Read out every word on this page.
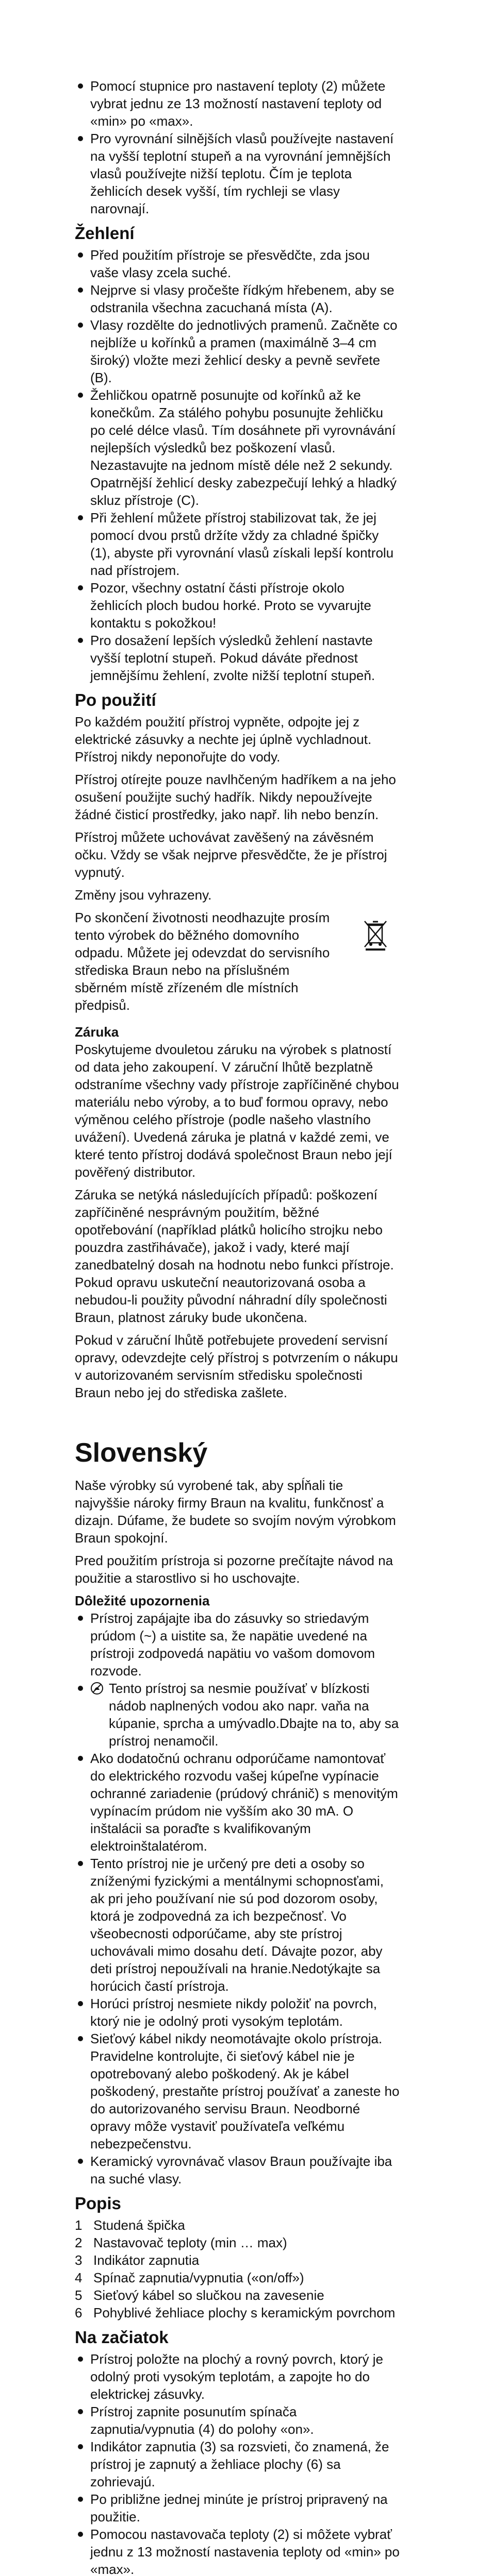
Pomocí stupnice pro nastavení teploty (2) můžete vybrat jednu ze 13 možností nastavení teploty od «min» po «max».
Pro vyrovnání silnějších vlasů používejte nastavení na vyšší teplotní stupeň a na vyrovnání jemnějších vlasů používejte nižší teplotu. Čím je teplota žehlicích desek vyšší, tím rychleji se vlasy narovnají.
Žehlení
Před použitím přístroje se přesvědčte, zda jsou vaše vlasy zcela suché.
Nejprve si vlasy pročešte řídkým hřebenem, aby se odstranila všechna zacuchaná místa (A).
Vlasy rozdělte do jednotlivých pramenů. Začněte co nejblíže u kořínků a pramen (maximálně 3–4 cm široký) vložte mezi žehlicí desky a pevně sevřete (B).
Žehličkou opatrně posunujte od kořínků až ke konečkům. Za stálého pohybu posunujte žehličku po celé délce vlasů. Tím dosáhnete při vyrovnávání nejlepších výsledků bez poškození vlasů. Nezastavujte na jednom místě déle než 2 sekundy. Opatrnější žehlicí desky zabezpečují lehký a hladký skluz přístroje (C).
Při žehlení můžete přístroj stabilizovat tak, že jej pomocí dvou prstů držíte vždy za chladné špičky (1), abyste při vyrovnání vlasů získali lepší kontrolu nad přístrojem.
Pozor, všechny ostatní části přístroje okolo žehlicích ploch budou horké. Proto se vyvarujte kontaktu s pokožkou!
Pro dosažení lepších výsledků žehlení nastavte vyšší teplotní stupeň. Pokud dáváte přednost jemnějšímu žehlení, zvolte nižší teplotní stupeň.
Po použití

Po každém použití přístroj vypněte, odpojte jej z elektrické zásuvky a nechte jej úplně vychladnout. Přístroj nikdy neponořujte do vody.

Přístroj otírejte pouze navlhčeným hadříkem a na jeho osušení použijte suchý hadřík. Nikdy nepoužívejte žádné čisticí prostředky, jako např. lih nebo benzín.

Přístroj můžete uchovávat zavěšený na závěsném očku. Vždy se však nejprve přesvědčte, že je přístroj vypnutý.

Změny jsou vyhrazeny.

Po skončení životnosti neodhazujte prosím tento výrobek do běžného domovního odpadu. Můžete jej odevzdat do servisního střediska Braun nebo na příslušném sběrném místě zřízeném dle místních předpisů.

Záruka

Poskytujeme dvouletou záruku na výrobek s platností od data jeho zakoupení. V záruční lhůtě bezplatně odstraníme všechny vady přístroje zapříčiněné chybou materiálu nebo výroby, a to buď formou opravy, nebo výměnou celého přístroje (podle našeho vlastního uvážení). Uvedená záruka je platná v každé zemi, ve které tento přístroj dodává společnost Braun nebo její pověřený distributor.

Záruka se netýká následujících případů: poškození zapříčiněné nesprávným použitím, běžné opotřebování (například plátků holicího strojku nebo pouzdra zastřihávače), jakož i vady, které mají zanedbatelný dosah na hodnotu nebo funkci přístroje. Pokud opravu uskuteční neautorizovaná osoba a nebudou-li použity původní náhradní díly společnosti Braun, platnost záruky bude ukončena.

Pokud v záruční lhůtě potřebujete provedení servisní opravy, odevzdejte celý přístroj s potvrzením o nákupu v autorizovaném servisním středisku společnosti Braun nebo jej do střediska zašlete.

Slovenský

Naše výrobky sú vyrobené tak, aby spĺňali tie najvyššie nároky firmy Braun na kvalitu, funkčnosť a dizajn. Dúfame, že budete so svojím novým výrobkom Braun spokojní.

Pred použitím prístroja si pozorne prečítajte návod na použitie a starostlivo si ho uschovajte.

Dôležité upozornenia
Prístroj zapájajte iba do zásuvky so striedavým prúdom (~) a uistite sa, že napätie uvedené na prístroji zodpovedá napätiu vo vašom domovom rozvode.
Tento prístroj sa nesmie používať v blízkosti nádob naplnených vodou ako napr. vaňa na kúpanie, sprcha a umývadlo.Dbajte na to, aby sa prístroj nenamočil.
Ako dodatočnú ochranu odporúčame namontovať do elektrického rozvodu vašej kúpeľne vypínacie ochranné zariadenie (prúdový chránič) s menovitým vypínacím prúdom nie vyšším ako 30 mA. O inštalácii sa poraďte s kvalifikovaným elektroinštalatérom.
Tento prístroj nie je určený pre deti a osoby so zníženými fyzickými a mentálnymi schopnosťami, ak pri jeho používaní nie sú pod dozorom osoby, ktorá je zodpovedná za ich bezpečnosť. Vo všeobecnosti odporúčame, aby ste prístroj uchovávali mimo dosahu detí. Dávajte pozor, aby deti prístroj nepoužívali na hranie.Nedotýkajte sa horúcich častí prístroja.
Horúci prístroj nesmiete nikdy položiť na povrch, ktorý nie je odolný proti vysokým teplotám.
Sieťový kábel nikdy neomotávajte okolo prístroja. Pravidelne kontrolujte, či sieťový kábel nie je opotrebovaný alebo poškodený. Ak je kábel poškodený, prestaňte prístroj používať a zaneste ho do autorizovaného servisu Braun. Neodborné opravy môže vystaviť používateľa veľkému nebezpečenstvu.
Keramický vyrovnávač vlasov Braun používajte iba na suché vlasy.
Popis
1 Studená špička
2 Nastavovač teploty (min … max)
3 Indikátor zapnutia
4 Spínač zapnutia/vypnutia («on/off»)
5 Sieťový kábel so slučkou na zavesenie
6 Pohyblivé žehliace plochy s keramickým povrchom
Na začiatok
Prístroj položte na plochý a rovný povrch, ktorý je odolný proti vysokým teplotám, a zapojte ho do elektrickej zásuvky.
Prístroj zapnite posunutím spínača zapnutia/vypnutia (4) do polohy «on».
Indikátor zapnutia (3) sa rozsvieti, čo znamená, že prístroj je zapnutý a žehliace plochy (6) sa zohrievajú.
Po približne jednej minúte je prístroj pripravený na použitie.
Pomocou nastavovača teploty (2) si môžete vybrať jednu z 13 možností nastavenia teploty od «min» po «max».
